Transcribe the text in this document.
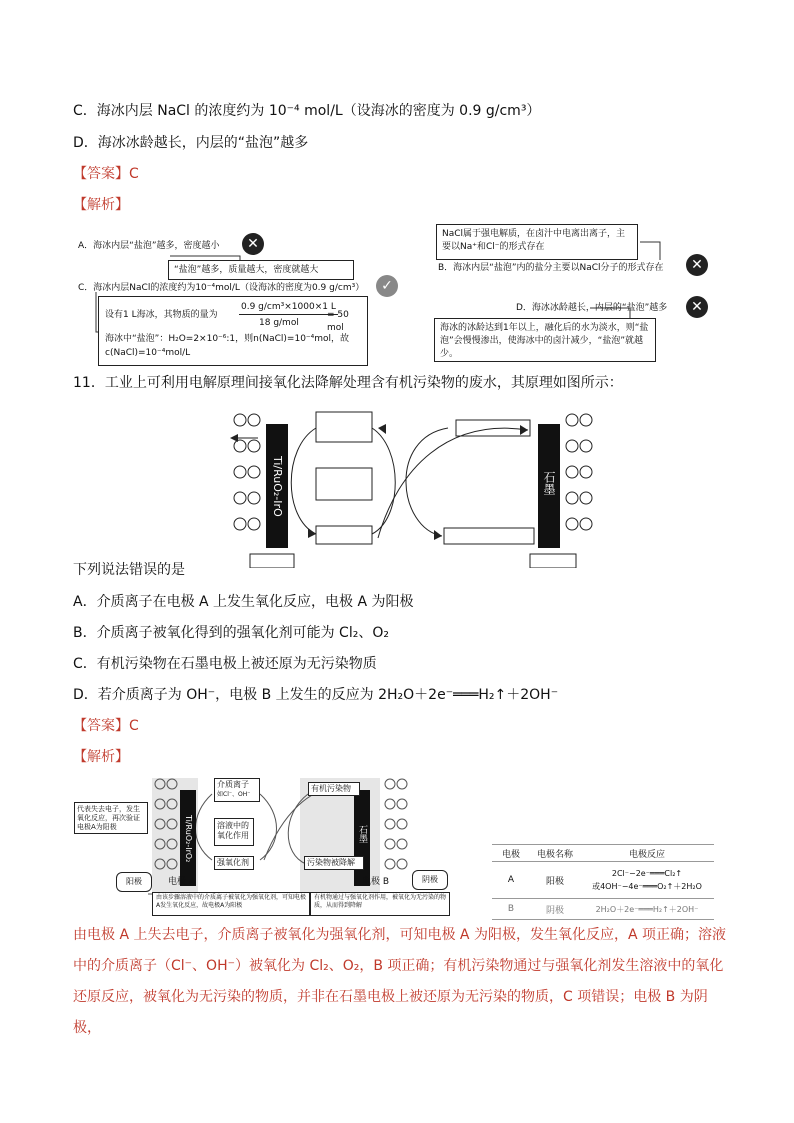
C．海冰内层 NaCl 的浓度约为 10⁻⁴ mol/L（设海冰的密度为 0.9 g/cm³）
D．海冰冰龄越长，内层的“盐泡”越多
【答案】C
【解析】
A．海冰内层“盐泡”越多，密度越小	✕
“盐泡”越多，质量越大，密度就越大
C．海冰内层NaCl的浓度约为10⁻⁴mol/L（设海冰的密度为0.9 g/cm³）	✓
设有1 L海冰，其物质的量为
0.9 g/cm³×1000×1 L
18 g/mol
= 50 mol
海冰中“盐泡”：H₂O=2×10⁻⁶:1，则n(NaCl)=10⁻⁴mol，故
c(NaCl)=10⁻⁴mol/L
NaCl属于强电解质，在卤汁中电离出离子，主要以Na⁺和Cl⁻的形式存在
B．海冰内层“盐泡”内的盐分主要以NaCl分子的形式存在	✕
D．海冰冰龄越长，内层的“盐泡”越多	✕
海冰的冰龄达到1年以上，融化后的水为淡水，则“盐泡”会慢慢渗出，使海冰中的卤汁减少，“盐泡”就越少。
11．工业上可利用电解原理间接氧化法降解处理含有机污染物的废水，其原理如图所示：
Ti/RuO₂-IrO	石墨
下列说法错误的是
A．介质离子在电极 A 上发生氧化反应，电极 A 为阳极
B．介质离子被氧化得到的强氧化剂可能为 Cl₂、O₂
C．有机污染物在石墨电极上被还原为无污染物质
D．若介质离子为 OH⁻，电极 B 上发生的反应为 2H₂O＋2e⁻═══H₂↑＋2OH⁻
【答案】C
【解析】
Ti/RuO₂-IrO₂	石墨
代表失去电子，发生氧化反应，再次验证电极A为阳极
介质离子
如Cl⁻、OH⁻
溶液中的氧化作用
强氧化剂
有机污染物
污染物被降解
阳极	阴极
电极 A	电极 B
由该步骤溶液中的介质离子被氧化为强氧化剂，可知电极A发生氧化反应，故电极A为阳极
有机物通过与强氧化剂作用，被氧化为无污染的物质，从而得到降解
电极	电极名称	电极反应
A	阳极
2Cl⁻−2e⁻═══Cl₂↑
或4OH⁻−4e⁻═══O₂↑＋2H₂O
B	阴极	2H₂O＋2e⁻═══H₂↑＋2OH⁻
由电极 A 上失去电子，介质离子被氧化为强氧化剂，可知电极 A 为阳极，发生氧化反应，A 项正确；溶液中的介质离子（Cl⁻、OH⁻）被氧化为 Cl₂、O₂，B 项正确；有机污染物通过与强氧化剂发生溶液中的氧化还原反应，被氧化为无污染的物质，并非在石墨电极上被还原为无污染的物质，C 项错误；电极 B 为阴极，
